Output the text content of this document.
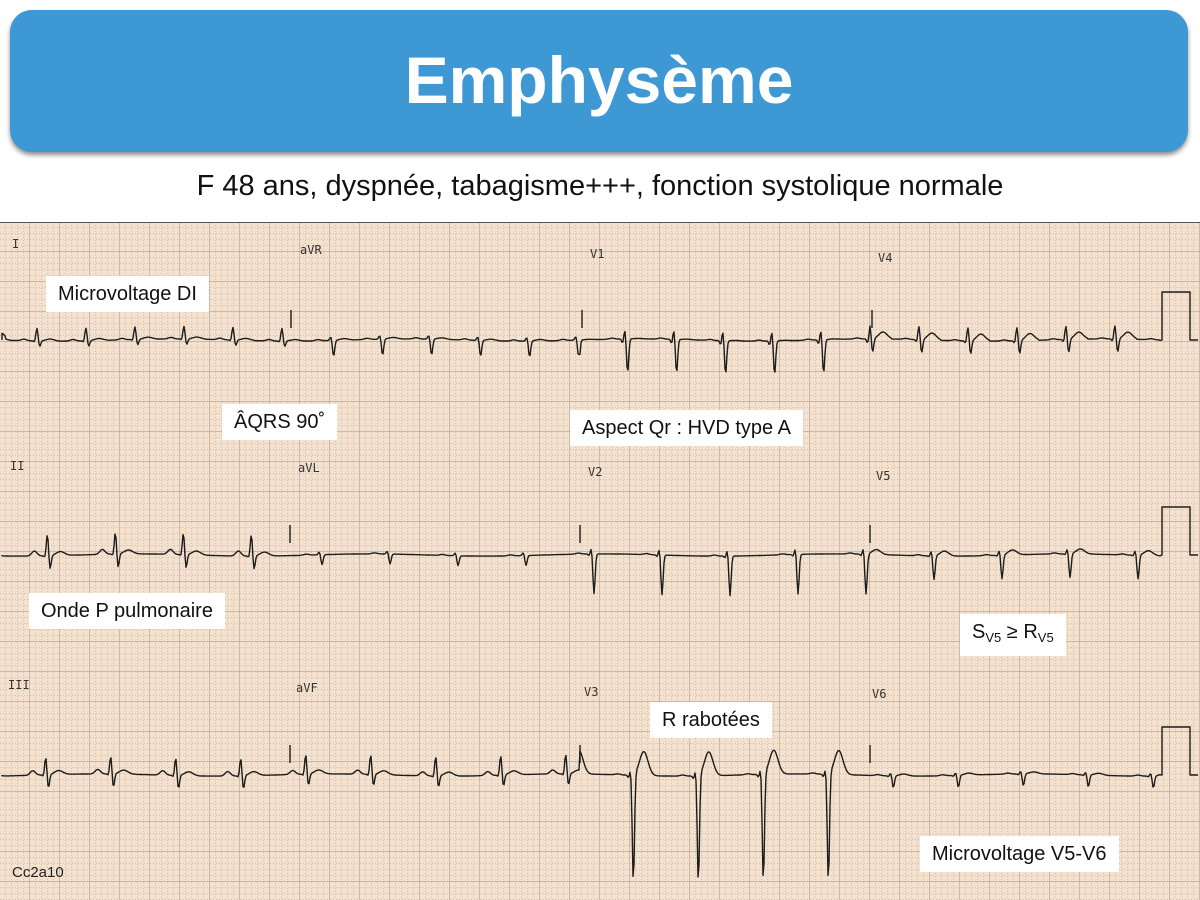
Emphysème
F 48 ans, dyspnée, tabagisme+++, fonction systolique normale
I	aVR	V1	V4
II	aVL	V2	V5
III	aVF	V3	V6
Microvoltage DI
ÂQRS 90˚	Aspect Qr : HVD type A
Onde P pulmonaire
$S_{V5} \ge R_{V5}$
R rabotées
Microvoltage V5-V6
Cc2a10
